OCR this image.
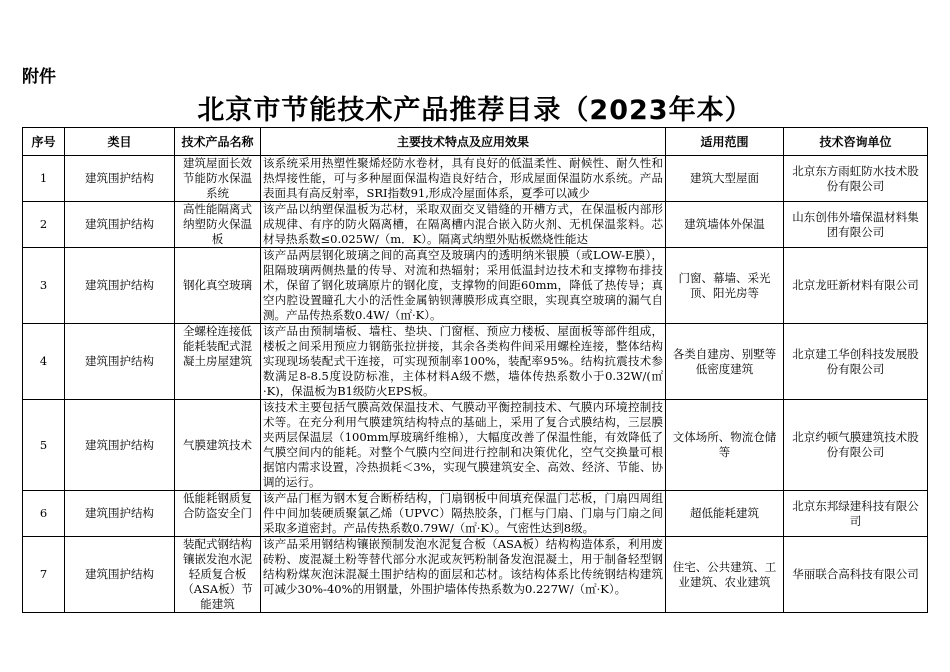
附件
北京市节能技术产品推荐目录（2023年本）
序号	类目	技术产品名称	主要技术特点及应用效果	适用范围	技术咨询单位
1	建筑围护结构	建筑屋面长效节能防水保温系统	该系统采用热塑性聚烯烃防水卷材，具有良好的低温柔性、耐候性、耐久性和热焊接性能，可与多种屋面保温构造良好结合，形成屋面保温防水系统。产品表面具有高反射率，SRI指数91,形成冷屋面体系，夏季可以减少	建筑大型屋面	北京东方雨虹防水技术股份有限公司

2	建筑围护结构	高性能隔离式纳塑防火保温板	该产品以纳塑保温板为芯材，采取双面交叉错缝的开槽方式，在保温板内部形成规律、有序的防火隔离槽，在隔离槽内混合嵌入防火剂、无机保温浆料。芯材导热系数≤0.025W/（m．K）。隔离式纳塑外贴板燃烧性能达	建筑墙体外保温	山东创伟外墙保温材料集团有限公司

3	建筑围护结构	钢化真空玻璃	该产品两层钢化玻璃之间的高真空及玻璃内的透明纳米银膜（或LOW-E膜），阻隔玻璃两侧热量的传导、对流和热辐射；采用低温封边技术和支撑物布排技术，保留了钢化玻璃原片的钢化度，支撑物的间距60mm，降低了热传导；真空内腔设置瞳孔大小的活性金属钠钡薄膜形成真空眼，实现真空玻璃的漏气自测。产品传热系数0.4W/（㎡·K）。	门窗、幕墙、采光顶、阳光房等	北京龙旺新材料有限公司

4	建筑围护结构	全螺栓连接低能耗装配式混凝土房屋建筑	该产品由预制墙板、墙柱、垫块、门窗框、预应力楼板、屋面板等部件组成，楼板之间采用预应力钢筋张拉拼接，其余各类构件间采用螺栓连接，整体结构实现现场装配式干连接，可实现预制率100%，装配率95%。结构抗震技术参数满足8-8.5度设防标准，主体材料A级不燃，墙体传热系数小于0.32W/(㎡·K)，保温板为B1级防火EPS板。	各类自建房、别墅等低密度建筑	北京建工华创科技发展股份有限公司

5	建筑围护结构	气膜建筑技术	该技术主要包括气膜高效保温技术、气膜动平衡控制技术、气膜内环境控制技术等。在充分利用气膜建筑结构特点的基础上，采用了复合式膜结构，三层膜夹两层保温层（100mm厚玻璃纤维棉），大幅度改善了保温性能，有效降低了气膜空间内的能耗。对整个气膜内空间进行控制和决策优化，空气交换量可根据馆内需求设置，冷热损耗＜3%，实现气膜建筑安全、高效、经济、节能、协调的运行。	文体场所、物流仓储等	北京约顿气膜建筑技术股份有限公司

6	建筑围护结构	低能耗钢质复合防盗安全门	该产品门框为钢木复合断桥结构，门扇钢板中间填充保温门芯板，门扇四周组件中间加装硬质聚氯乙烯（UPVC）隔热胶条，门框与门扇、门扇与门扇之间采取多道密封。产品传热系数0.79W/（㎡·K）。气密性达到8级。	超低能耗建筑	北京东邦绿建科技有限公司

7	建筑围护结构	装配式钢结构镶嵌发泡水泥轻质复合板（ASA板）节能建筑	该产品采用钢结构镶嵌预制发泡水泥复合板（ASA板）结构构造体系，利用废砖粉、废混凝土粉等替代部分水泥或灰钙粉制备发泡混凝土，用于制备轻型钢结构粉煤灰泡沫混凝土围护结构的面层和芯材。该结构体系比传统钢结构建筑可减少30%-40%的用钢量，外围护墙体传热系数为0.227W/（㎡·K）。	住宅、公共建筑、工业建筑、农业建筑	华丽联合高科技有限公司
